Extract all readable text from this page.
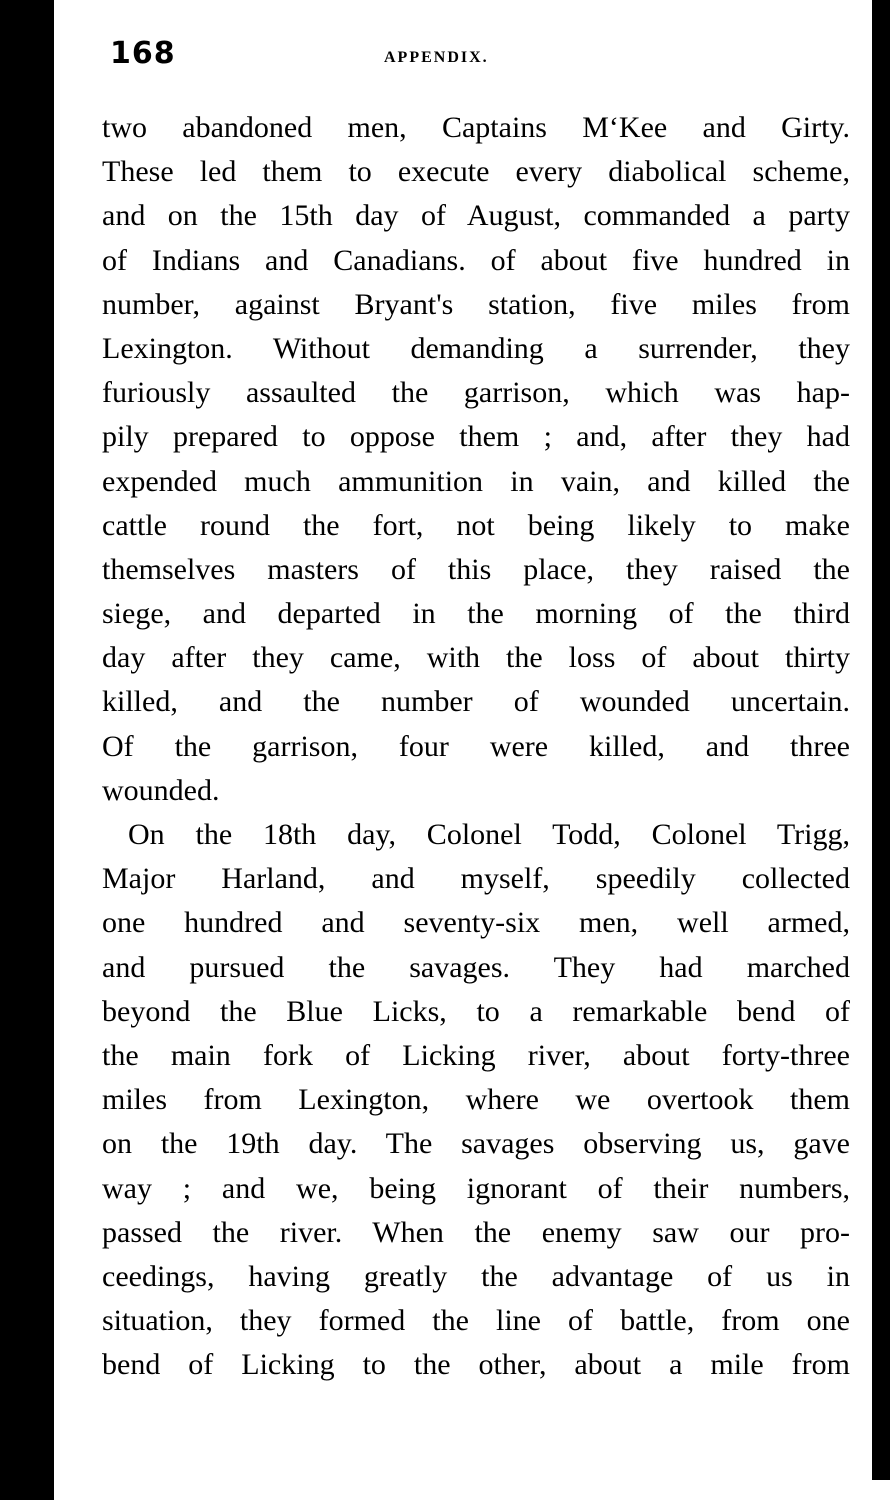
168	APPENDIX.
two abandoned men, Captains M‘Kee and Girty.
These led them to execute every diabolical scheme,
and on the 15th day of August, commanded a party
of Indians and Canadians. of about five hundred in
number, against Bryant's station, five miles from
Lexington. Without demanding a surrender, they
furiously assaulted the garrison, which was hap-
pily prepared to oppose them ; and, after they had
expended much ammunition in vain, and killed the
cattle round the fort, not being likely to make
themselves masters of this place, they raised the
siege, and departed in the morning of the third
day after they came, with the loss of about thirty
killed, and the number of wounded uncertain.
Of the garrison, four were killed, and three
wounded.
On the 18th day, Colonel Todd, Colonel Trigg,
Major Harland, and myself, speedily collected
one hundred and seventy-six men, well armed,
and pursued the savages. They had marched
beyond the Blue Licks, to a remarkable bend of
the main fork of Licking river, about forty-three
miles from Lexington, where we overtook them
on the 19th day. The savages observing us, gave
way ; and we, being ignorant of their numbers,
passed the river. When the enemy saw our pro-
ceedings, having greatly the advantage of us in
situation, they formed the line of battle, from one
bend of Licking to the other, about a mile from
